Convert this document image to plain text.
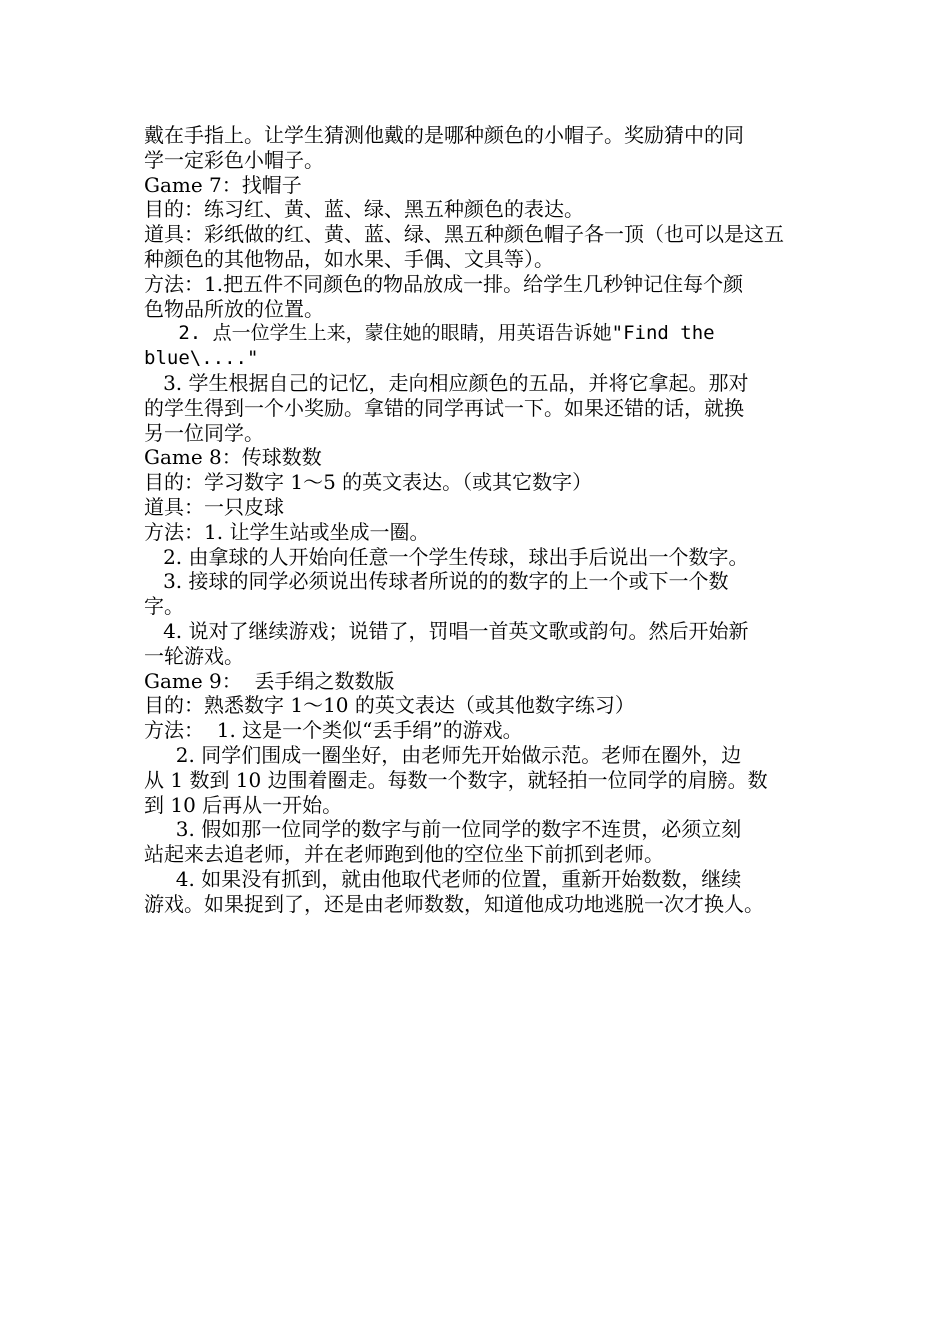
戴在手指上。让学生猜测他戴的是哪种颜色的小帽子。奖励猜中的同
学一定彩色小帽子。
Game 7：找帽子
目的：练习红、黄、蓝、绿、黑五种颜色的表达。
道具：彩纸做的红、黄、蓝、绿、黑五种颜色帽子各一顶（也可以是这五
种颜色的其他物品，如水果、手偶、文具等）。
方法：1.把五件不同颜色的物品放成一排。给学生几秒钟记住每个颜
色物品所放的位置。
2. 点一位学生上来，蒙住她的眼睛，用英语告诉她"Find the
blue\...."
3. 学生根据自己的记忆，走向相应颜色的五品，并将它拿起。那对
的学生得到一个小奖励。拿错的同学再试一下。如果还错的话，就换
另一位同学。
Game 8：传球数数
目的：学习数字 1～5 的英文表达。（或其它数字）
道具：一只皮球
方法：1. 让学生站或坐成一圈。
2. 由拿球的人开始向任意一个学生传球，球出手后说出一个数字。
3. 接球的同学必须说出传球者所说的的数字的上一个或下一个数
字。
4. 说对了继续游戏；说错了，罚唱一首英文歌或韵句。然后开始新
一轮游戏。
Game 9：  丢手绢之数数版
目的：熟悉数字 1～10 的英文表达（或其他数字练习）
方法：  1. 这是一个类似“丢手绢”的游戏。
2. 同学们围成一圈坐好，由老师先开始做示范。老师在圈外，边
从 1 数到 10 边围着圈走。每数一个数字，就轻拍一位同学的肩膀。数
到 10 后再从一开始。
3. 假如那一位同学的数字与前一位同学的数字不连贯，必须立刻
站起来去追老师，并在老师跑到他的空位坐下前抓到老师。
4. 如果没有抓到，就由他取代老师的位置，重新开始数数，继续
游戏。如果捉到了，还是由老师数数，知道他成功地逃脱一次才换人。
